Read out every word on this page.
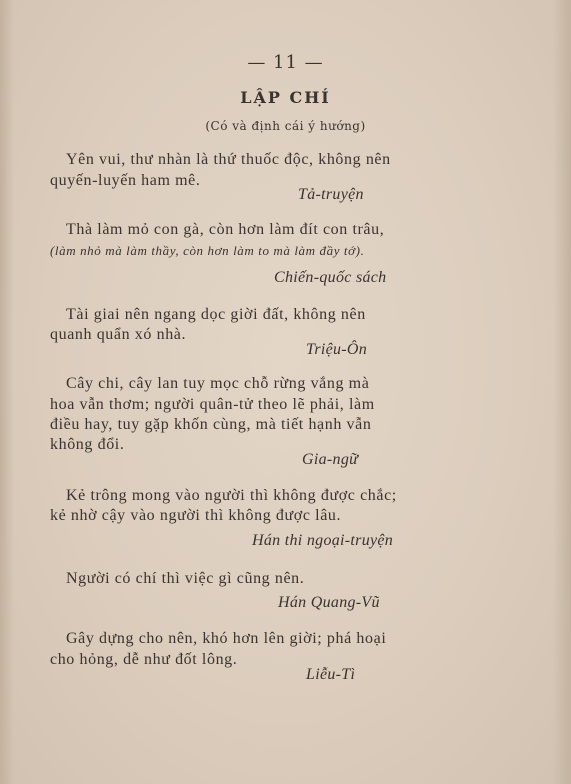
— 11 —
LẬP CHÍ
(Có và định cái ý hướng)
Yên vui, thư nhàn là thứ thuốc độc, không nên
quyến-luyến ham mê.
Tả-truyện
Thà làm mỏ con gà, còn hơn làm đít con trâu,
(làm nhỏ mà làm thầy, còn hơn làm to mà làm đầy tớ).
Chiến-quốc sách
Tài giai nên ngang dọc giời đất, không nên
quanh quẩn xó nhà.
Triệu-Ôn
Cây chi, cây lan tuy mọc chỗ rừng vắng mà
hoa vẫn thơm; người quân-tử theo lẽ phải, làm
điều hay, tuy gặp khốn cùng, mà tiết hạnh vẫn
không đổi.
Gia-ngữ
Kẻ trông mong vào người thì không được chắc;
kẻ nhờ cậy vào người thì không được lâu.
Hán thi ngoại-truyện
Người có chí thì việc gì cũng nên.
Hán Quang-Vũ
Gây dựng cho nên, khó hơn lên giời; phá hoại
cho hỏng, dễ như đốt lông.
Liễu-Tì
